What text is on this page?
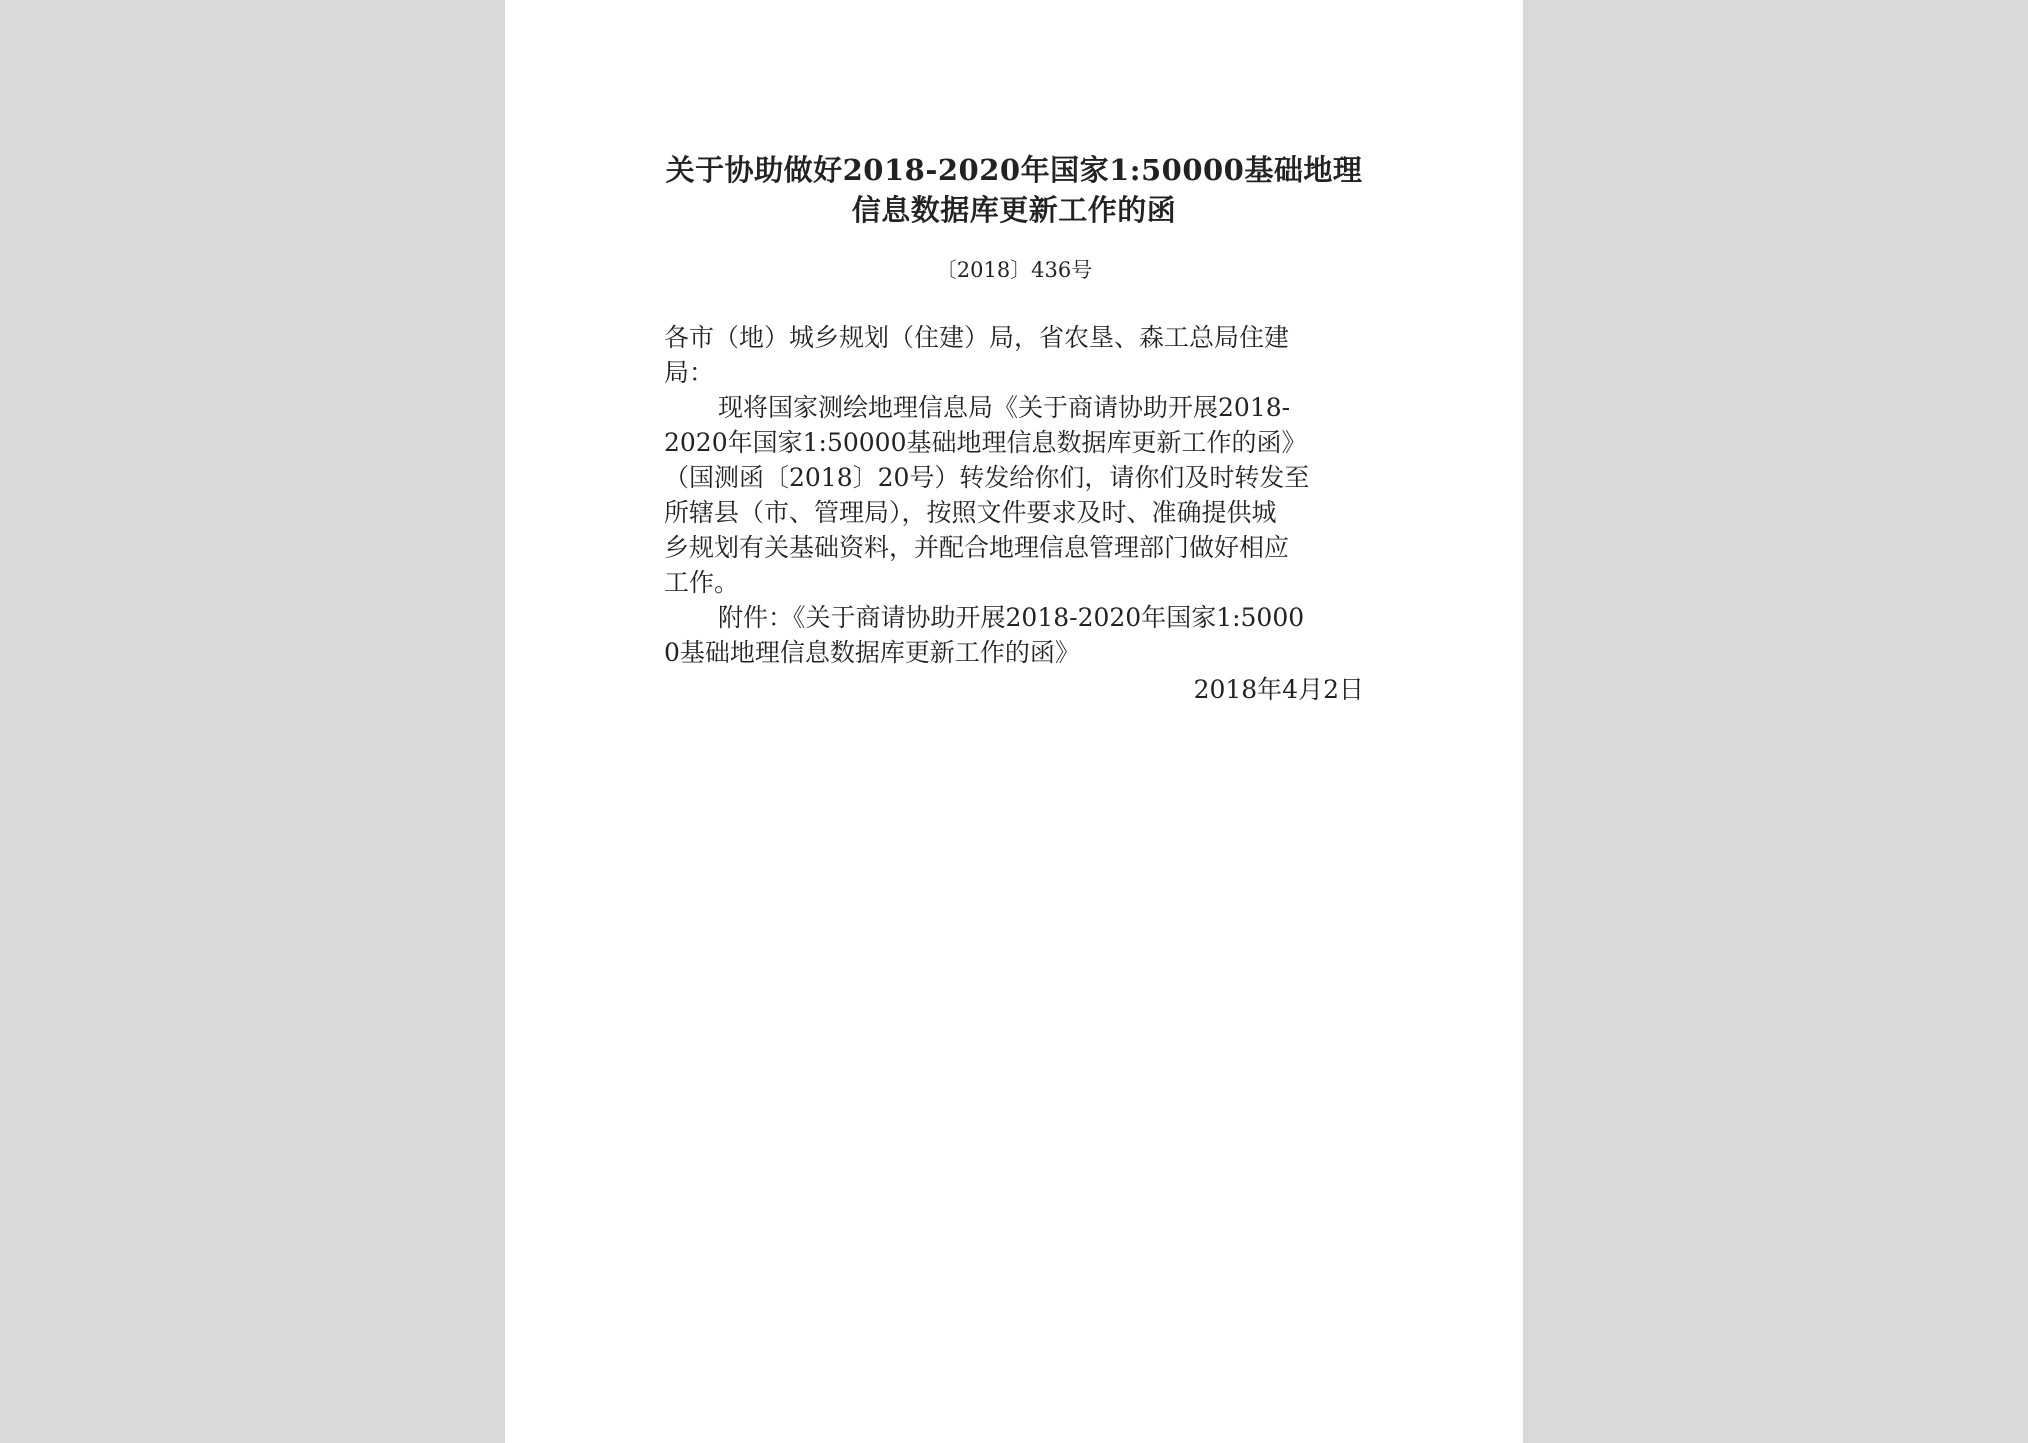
关于协助做好2018-2020年国家1:50000基础地理
信息数据库更新工作的函
〔2018〕436号
各市（地）城乡规划（住建）局，省农垦、森工总局住建
局：
现将国家测绘地理信息局《关于商请协助开展2018-
2020年国家1:50000基础地理信息数据库更新工作的函》
（国测函〔2018〕20号）转发给你们，请你们及时转发至
所辖县（市、管理局），按照文件要求及时、准确提供城
乡规划有关基础资料，并配合地理信息管理部门做好相应
工作。
附件：《关于商请协助开展2018-2020年国家1:5000
0基础地理信息数据库更新工作的函》
2018年4月2日
